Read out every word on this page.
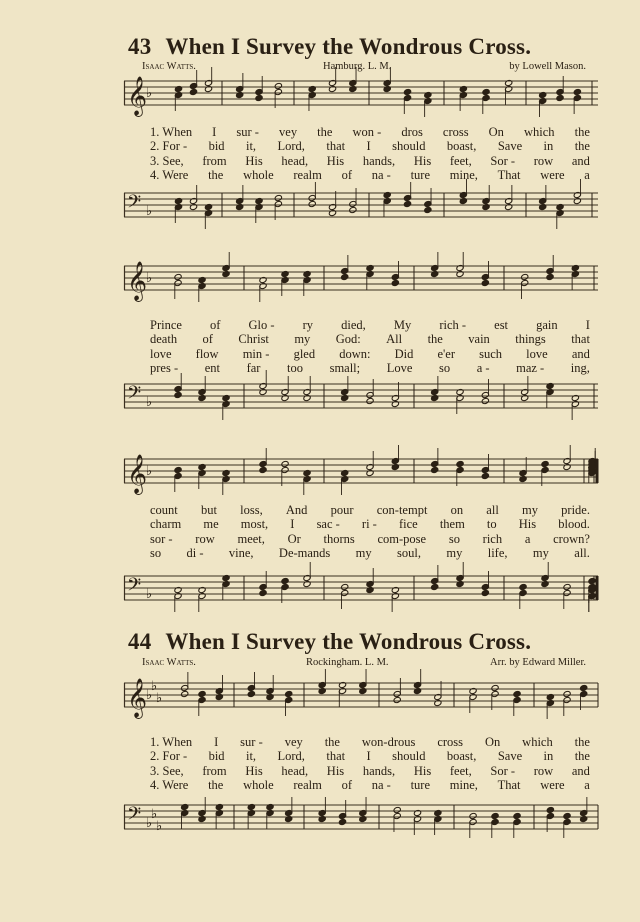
43 When I Survey the Wondrous Cross.
Isaac Watts.	Hamburg. L. M.	by Lowell Mason.
𝄞
♭
1. When I sur - vey the won - dros cross On which the
2. For - bid it, Lord, that I should boast, Save in the
3. See, from His head, His hands, His feet, Sor - row and
4. Were the whole realm of na - ture mine, That were a
𝄢 ♭
𝄞
♭
Prince of Glo - ry died, My rich - est gain I
death of Christ my God: All the vain things that
love flow min - gled down: Did e'er such love and
pres - ent far too small; Love so a - maz - ing,
𝄢 ♭
𝄞
♭
count but loss, And pour con-tempt on all my pride.
charm me most, I sac - ri - fice them to His blood.
sor - row meet, Or thorns com-pose so rich a crown?
so di - vine, De-mands my soul, my life, my all.
𝄢 ♭
44 When I Survey the Wondrous Cross.
Isaac Watts.	Rockingham. L. M.	Arr. by Edward Miller.
𝄞
♭
♭
♭
1. When I sur - vey the won-drous cross On which the
2. For - bid it, Lord, that I should boast, Save in the
3. See, from His head, His hands, His feet, Sor - row and
4. Were the whole realm of na - ture mine, That were a
𝄢 ♭
♭
♭
